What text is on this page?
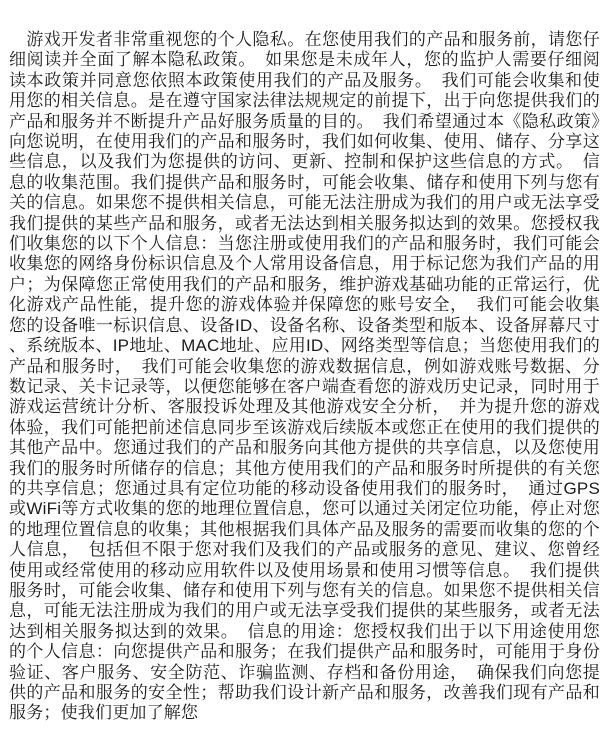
　游戏开发者非常重视您的个人隐私。在您使用我们的产品和服务前，请您仔细阅读并全面了解本隐私政策。　如果您是未成年人，您的监护人需要仔细阅读本政策并同意您依照本政策使用我们的产品及服务。　我们可能会收集和使用您的相关信息。是在遵守国家法律法规规定的前提下，出于向您提供我们的产品和服务并不断提升产品好服务质量的目的。　我们希望通过本《隐私政策》向您说明，在使用我们的产品和服务时，我们如何收集、使用、储存、分享这些信息，以及我们为您提供的访问、更新、控制和保护这些信息的方式。　信息的收集范围。我们提供产品和服务时，可能会收集、储存和使用下列与您有关的信息。如果您不提供相关信息，可能无法注册成为我们的用户或无法享受我们提供的某些产品和服务，或者无法达到相关服务拟达到的效果。您授权我们收集您的以下个人信息：当您注册或使用我们的产品和服务时，我们可能会收集您的网络身份标识信息及个人常用设备信息，用于标记您为我们产品的用户；为保障您正常使用我们的产品和服务，维护游戏基础功能的正常运行，优化游戏产品性能，提升您的游戏体验并保障您的账号安全，　我们可能会收集您的设备唯一标识信息、设备ID、设备名称、设备类型和版本、设备屏幕尺寸、系统版本、IP地址、MAC地址、应用ID、网络类型等信息；当您使用我们的产品和服务时，　我们可能会收集您的游戏数据信息，例如游戏账号数据、分数记录、关卡记录等，以便您能够在客户端查看您的游戏历史记录，同时用于游戏运营统计分析、客服投诉处理及其他游戏安全分析，　并为提升您的游戏体验，我们可能把前述信息同步至该游戏后续版本或您正在使用的我们提供的其他产品中。您通过我们的产品和服务向其他方提供的共享信息，以及您使用我们的服务时所储存的信息；其他方使用我们的产品和服务时所提供的有关您的共享信息；您通过具有定位功能的移动设备使用我们的服务时，　通过GPS或WiFi等方式收集的您的地理位置信息，您可以通过关闭定位功能，停止对您的地理位置信息的收集；其他根据我们具体产品及服务的需要而收集的您的个人信息，　包括但不限于您对我们及我们的产品或服务的意见、建议、您曾经使用或经常使用的移动应用软件以及使用场景和使用习惯等信息。　我们提供服务时，可能会收集、储存和使用下列与您有关的信息。如果您不提供相关信息，可能无法注册成为我们的用户或无法享受我们提供的某些服务，或者无法达到相关服务拟达到的效果。　信息的用途：您授权我们出于以下用途使用您的个人信息：向您提供产品和服务；在我们提供产品和服务时，可能用于身份验证、客户服务、安全防范、诈骗监测、存档和备份用途，　确保我们向您提供的产品和服务的安全性；帮助我们设计新产品和服务，改善我们现有产品和服务；使我们更加了解您
